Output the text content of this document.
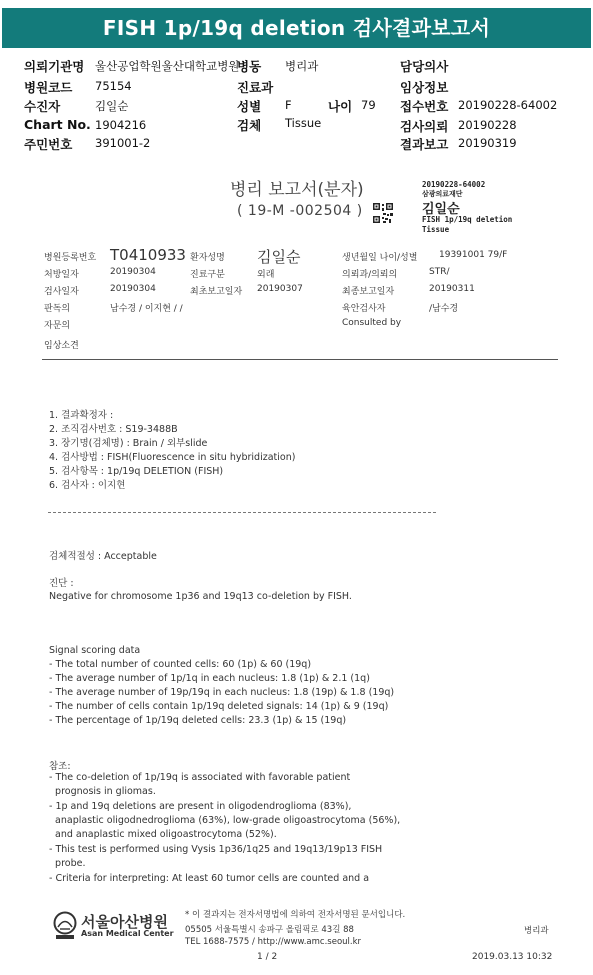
FISH 1p/19q deletion 검사결과보고서
의뢰기관명 울산공업학원울산대학교병원
병동 병리과	담당의사
병원코드 75154	진료과	임상정보
수진자	김일순	성별 F	나이 79 접수번호 20190228-64002
Chart No. 1904216	검체 Tissue	검사의뢰 20190228
주민번호 391001-2	결과보고 20190319
병리 보고서(분자)
( 19-M -002504 )
20190228-64002
삼광의료재단
김일순
FISH 1p/19q deletion
Tissue
병원등록번호 T0410933 환자성명 김일순	생년월일 나이/성별 19391001 79/F
처방일자	20190304	진료구분	외래	의뢰과/의뢰의	STR/
검사일자	20190304	최초보고일자 20190307	최종보고일자	20190311
판독의	남수경 / 이지현 / /	육안검사자	/남수경
자문의	Consulted by
임상소견
1. 결과확정자 :
2. 조직검사번호 : S19-3488B
3. 장기명(검체명) : Brain / 외부slide
4. 검사방법 : FISH(Fluorescence in situ hybridization)
5. 검사항목 : 1p/19q DELETION (FISH)
6. 검사자 : 이지현
검체적절성 : Acceptable
진단 :
Negative for chromosome 1p36 and 19q13 co-deletion by FISH.
Signal scoring data
- The total number of counted cells: 60 (1p) & 60 (19q)
- The average number of 1p/1q in each nucleus: 1.8 (1p) & 2.1 (1q)
- The average number of 19p/19q in each nucleus: 1.8 (19p) & 1.8 (19q)
- The number of cells contain 1p/19q deleted signals: 14 (1p) & 9 (19q)
- The percentage of 1p/19q deleted cells: 23.3 (1p) & 15 (19q)
참조:
- The co-deletion of 1p/19q is associated with favorable patient
prognosis in gliomas.
- 1p and 19q deletions are present in oligodendroglioma (83%),
anaplastic oligodnedroglioma (63%), low-grade oligoastrocytoma (56%),
and anaplastic mixed oligoastrocytoma (52%).
- This test is performed using Vysis 1p36/1q25 and 19q13/19p13 FISH
probe.
- Criteria for interpreting: At least 60 tumor cells are counted and a
서울아산병원
Asan Medical Center
* 이 결과지는 전자서명법에 의하여 전자서명된 문서입니다.
05505 서울특별시 송파구 올림픽로 43길 88
TEL 1688-7575 / http://www.amc.seoul.kr
병리과
1 / 2	2019.03.13 10:32
